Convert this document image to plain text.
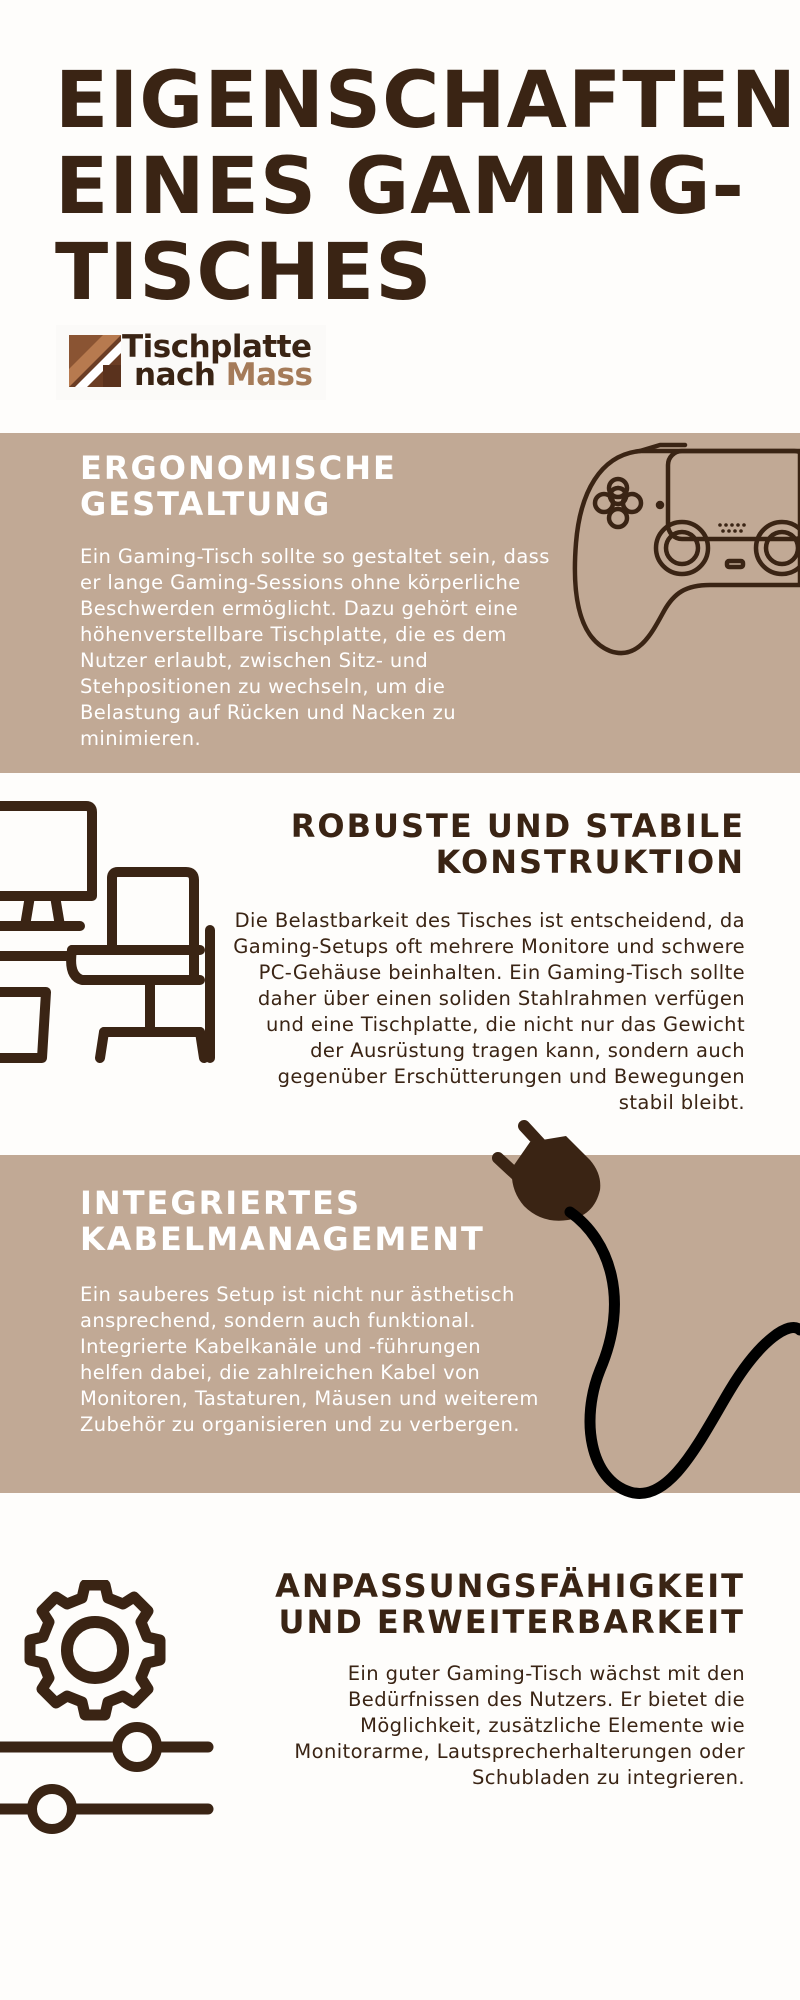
EIGENSCHAFTEN EINES GAMING-TISCHES
Tischplatte
nach Mass
ERGONOMISCHE GESTALTUNG

Ein Gaming-Tisch sollte so gestaltet sein, dass er lange Gaming-Sessions ohne körperliche Beschwerden ermöglicht. Dazu gehört eine höhenverstellbare Tischplatte, die es dem Nutzer erlaubt, zwischen Sitz- und Stehpositionen zu wechseln, um die Belastung auf Rücken und Nacken zu minimieren.

ROBUSTE UND STABILE KONSTRUKTION

Die Belastbarkeit des Tisches ist entscheidend, da Gaming-Setups oft mehrere Monitore und schwere PC-Gehäuse beinhalten. Ein Gaming-Tisch sollte daher über einen soliden Stahlrahmen verfügen und eine Tischplatte, die nicht nur das Gewicht der Ausrüstung tragen kann, sondern auch gegenüber Erschütterungen und Bewegungen stabil bleibt.

INTEGRIERTES KABELMANAGEMENT

Ein sauberes Setup ist nicht nur ästhetisch ansprechend, sondern auch funktional. Integrierte Kabelkanäle und -führungen helfen dabei, die zahlreichen Kabel von Monitoren, Tastaturen, Mäusen und weiterem Zubehör zu organisieren und zu verbergen.

ANPASSUNGSFÄHIGKEIT UND ERWEITERBARKEIT

Ein guter Gaming-Tisch wächst mit den Bedürfnissen des Nutzers. Er bietet die Möglichkeit, zusätzliche Elemente wie Monitorarme, Lautsprecherhalterungen oder Schubladen zu integrieren.
